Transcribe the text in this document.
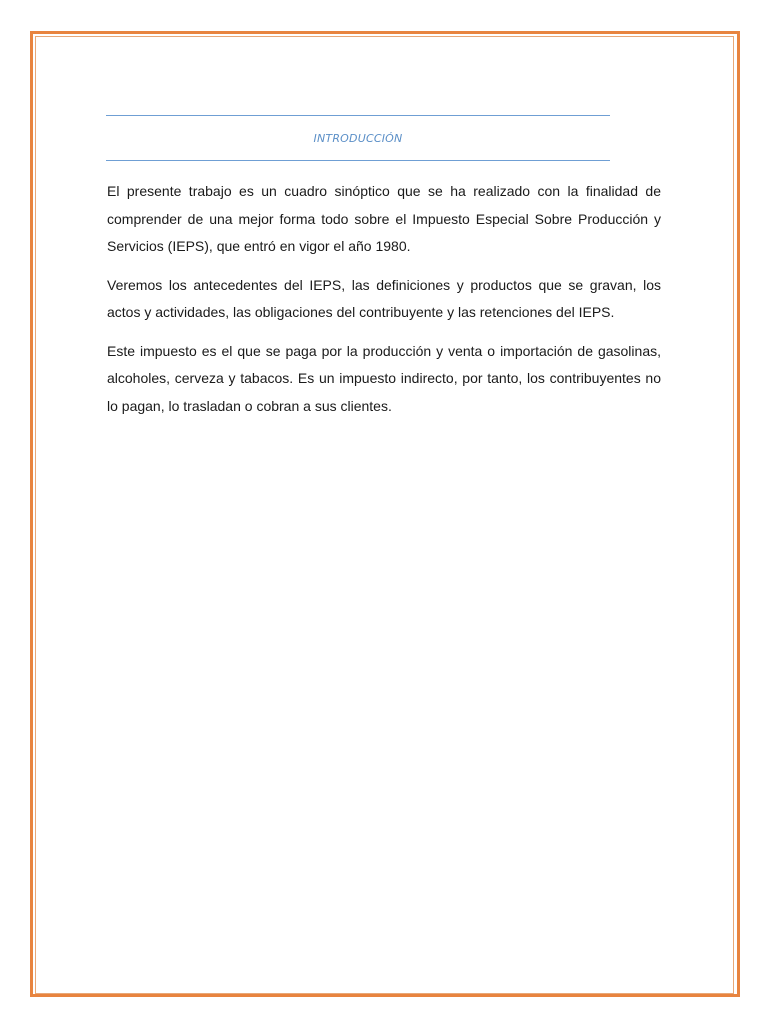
INTRODUCCIÓN

El presente trabajo es un cuadro sinóptico que se ha realizado con la finalidad de comprender de una mejor forma todo sobre el Impuesto Especial Sobre Producción y Servicios (IEPS), que entró en vigor el año 1980.

Veremos los antecedentes del IEPS, las definiciones y productos que se gravan, los actos y actividades, las obligaciones del contribuyente y las retenciones del IEPS.

Este impuesto es el que se paga por la producción y venta o importación de gasolinas, alcoholes, cerveza y tabacos. Es un impuesto indirecto, por tanto, los contribuyentes no lo pagan, lo trasladan o cobran a sus clientes.
